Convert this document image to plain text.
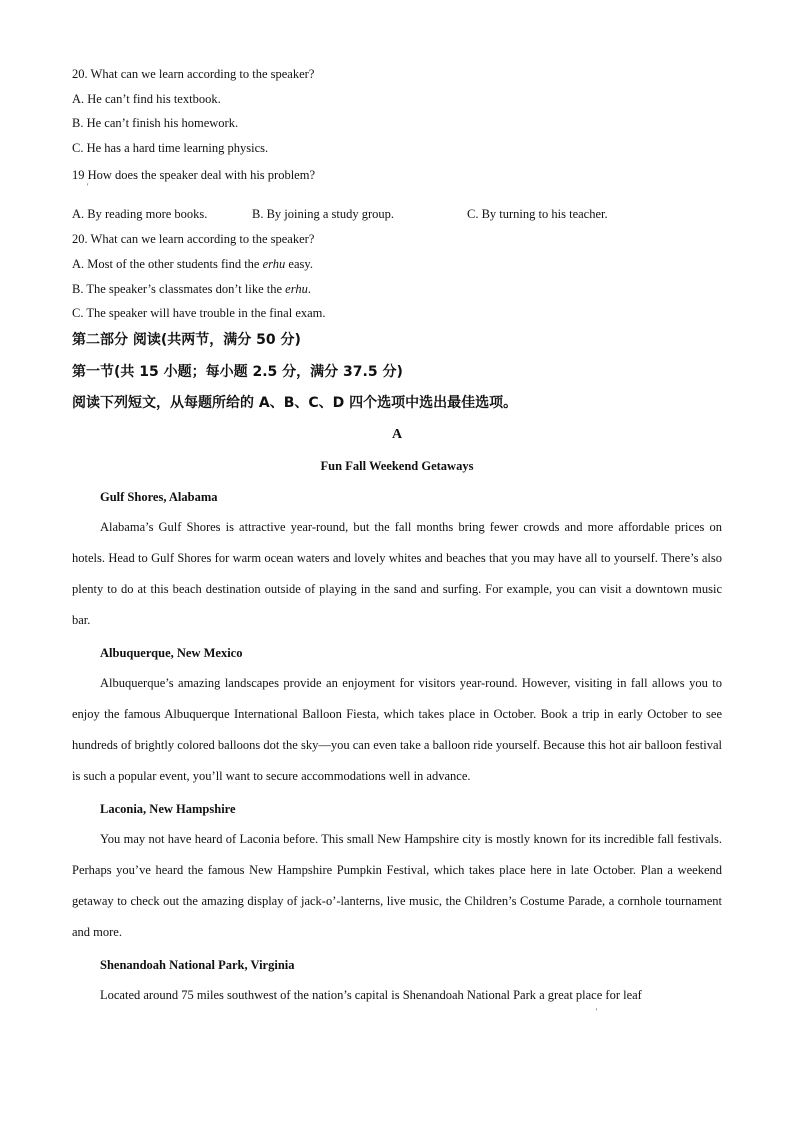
20. What can we learn according to the speaker?
A. He can’t find his textbook.
B. He can’t finish his homework.
C. He has a hard time learning physics.
19 How does the speaker deal with his problem?
'
A. By reading more books.	B. By joining a study group.	C. By turning to his teacher.
20. What can we learn according to the speaker?
A. Most of the other students find the erhu easy.
B. The speaker’s classmates don’t like the erhu.
C. The speaker will have trouble in the final exam.
第二部分 阅读(共两节，满分 50 分)
第一节(共 15 小题；每小题 2.5 分，满分 37.5 分)
阅读下列短文，从每题所给的 A、B、C、D 四个选项中选出最佳选项。
A
Fun Fall Weekend Getaways
Gulf Shores, Alabama
Alabama’s Gulf Shores is attractive year-round, but the fall months bring fewer crowds and more affordable prices on hotels. Head to Gulf Shores for warm ocean waters and lovely whites and beaches that you may have all to yourself. There’s also plenty to do at this beach destination outside of playing in the sand and surfing. For example, you can visit a downtown music bar.
Albuquerque, New Mexico
Albuquerque’s amazing landscapes provide an enjoyment for visitors year-round. However, visiting in fall allows you to enjoy the famous Albuquerque International Balloon Fiesta, which takes place in October. Book a trip in early October to see hundreds of brightly colored balloons dot the sky—you can even take a balloon ride yourself. Because this hot air balloon festival is such a popular event, you’ll want to secure accommodations well in advance.
Laconia, New Hampshire
You may not have heard of Laconia before. This small New Hampshire city is mostly known for its incredible fall festivals. Perhaps you’ve heard the famous New Hampshire Pumpkin Festival, which takes place here in late October. Plan a weekend getaway to check out the amazing display of jack-o’-lanterns, live music, the Children’s Costume Parade, a cornhole tournament and more.
Shenandoah National Park, Virginia
Located around 75 miles southwest of the nation’s capital is Shenandoah National Park a great place for leaf
'
